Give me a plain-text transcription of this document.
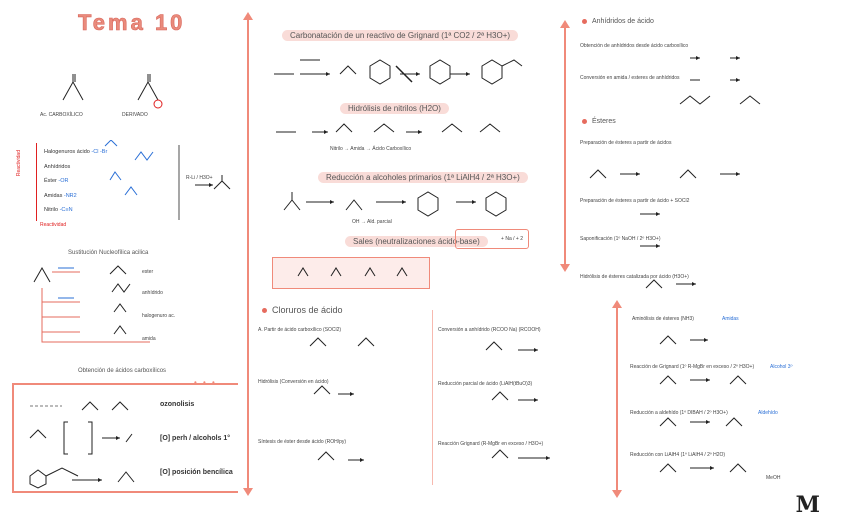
Tema 10
Ac. CARBOXÍLICO	DERIVADO
Reactividad	Halogenuros ácido -Cl -Br
Anhídridos
Éster -OR
Amidas -NR2
Nitrilo -C≡N
Reactividad
R-Li / H3O+
Sustitución Nucleofílica acilica
ester
anhídrido
halogenuro ac.
amida
Obtención de ácidos carboxílicos
• • •
ozonolisis
[O] perh / alcohols 1°
[O] posición bencílica
Carbonatación de un reactivo de Grignard (1ª CO2 / 2ª H3O+)
Hidrólisis de nitrilos (H2O)
Nitrilo → Amida → Ácido Carboxílico
Reducción a alcoholes primarios (1ª LiAlH4 / 2ª H3O+)
OH → Ald. parcial
Sales (neutralizaciones ácido-base)	+ Na / + 2
Cloruros de ácido
A. Partir de ácido carboxílico (SOCl2)
Hidrólisis (Conversión en ácido)
Síntesis de éster desde ácido (ROH/py)
Conversión a anhídrido (RCOO Na) (RCOOH)
Reducción parcial de ácido (LiAlH(tBuO)3)
Reacción Grignard (R-MgBr en exceso / H3O+)
Anhídridos de ácido
Obtención de anhídridos desde ácido carboxílico
Conversión en amida / esteres de anhídridos
Ésteres
Preparación de ésteres a partir de ácidos
Preparación de ésteres a partir de ácido + SOCl2
Saponificación (1º NaOH / 2º H3O+)
Hidrólisis de ésteres catalizada por ácido (H3O+)
Aminólisis de ésteres (NH3)	Amidas
Reacción de Grignard (1º R-MgBr en exceso / 2º H3O+)	Alcohol 3º
Reducción a aldehído (1º DIBAH / 2º H3O+)	Aldehído
Reducción con LiAlH4 (1º LiAlH4 / 2º H2O)
MeOH
M
